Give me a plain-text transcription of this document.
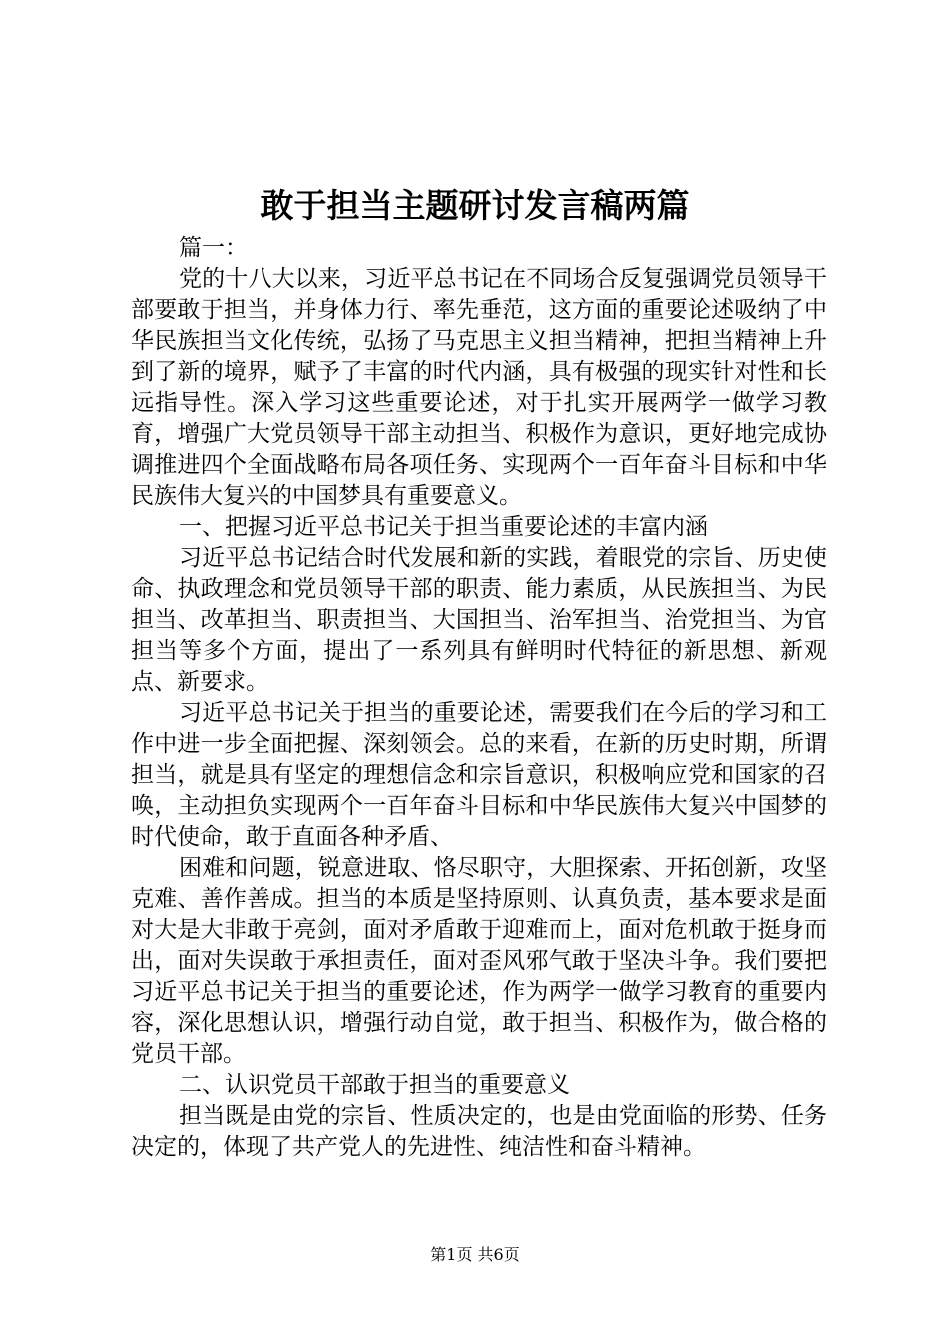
敢于担当主题研讨发言稿两篇

篇一：

党的十八大以来，习近平总书记在不同场合反复强调党员领导干部要敢于担当，并身体力行、率先垂范，这方面的重要论述吸纳了中华民族担当文化传统，弘扬了马克思主义担当精神，把担当精神上升到了新的境界，赋予了丰富的时代内涵，具有极强的现实针对性和长远指导性。深入学习这些重要论述，对于扎实开展两学一做学习教育，增强广大党员领导干部主动担当、积极作为意识，更好地完成协调推进四个全面战略布局各项任务、实现两个一百年奋斗目标和中华民族伟大复兴的中国梦具有重要意义。

一、把握习近平总书记关于担当重要论述的丰富内涵

习近平总书记结合时代发展和新的实践，着眼党的宗旨、历史使命、执政理念和党员领导干部的职责、能力素质，从民族担当、为民担当、改革担当、职责担当、大国担当、治军担当、治党担当、为官担当等多个方面，提出了一系列具有鲜明时代特征的新思想、新观点、新要求。

习近平总书记关于担当的重要论述，需要我们在今后的学习和工作中进一步全面把握、深刻领会。总的来看，在新的历史时期，所谓担当，就是具有坚定的理想信念和宗旨意识，积极响应党和国家的召唤，主动担负实现两个一百年奋斗目标和中华民族伟大复兴中国梦的时代使命，敢于直面各种矛盾、

困难和问题，锐意进取、恪尽职守，大胆探索、开拓创新，攻坚克难、善作善成。担当的本质是坚持原则、认真负责，基本要求是面对大是大非敢于亮剑，面对矛盾敢于迎难而上，面对危机敢于挺身而出，面对失误敢于承担责任，面对歪风邪气敢于坚决斗争。我们要把习近平总书记关于担当的重要论述，作为两学一做学习教育的重要内容，深化思想认识，增强行动自觉，敢于担当、积极作为，做合格的党员干部。

二、认识党员干部敢于担当的重要意义

担当既是由党的宗旨、性质决定的，也是由党面临的形势、任务决定的，体现了共产党人的先进性、纯洁性和奋斗精神。

第1页 共6页
